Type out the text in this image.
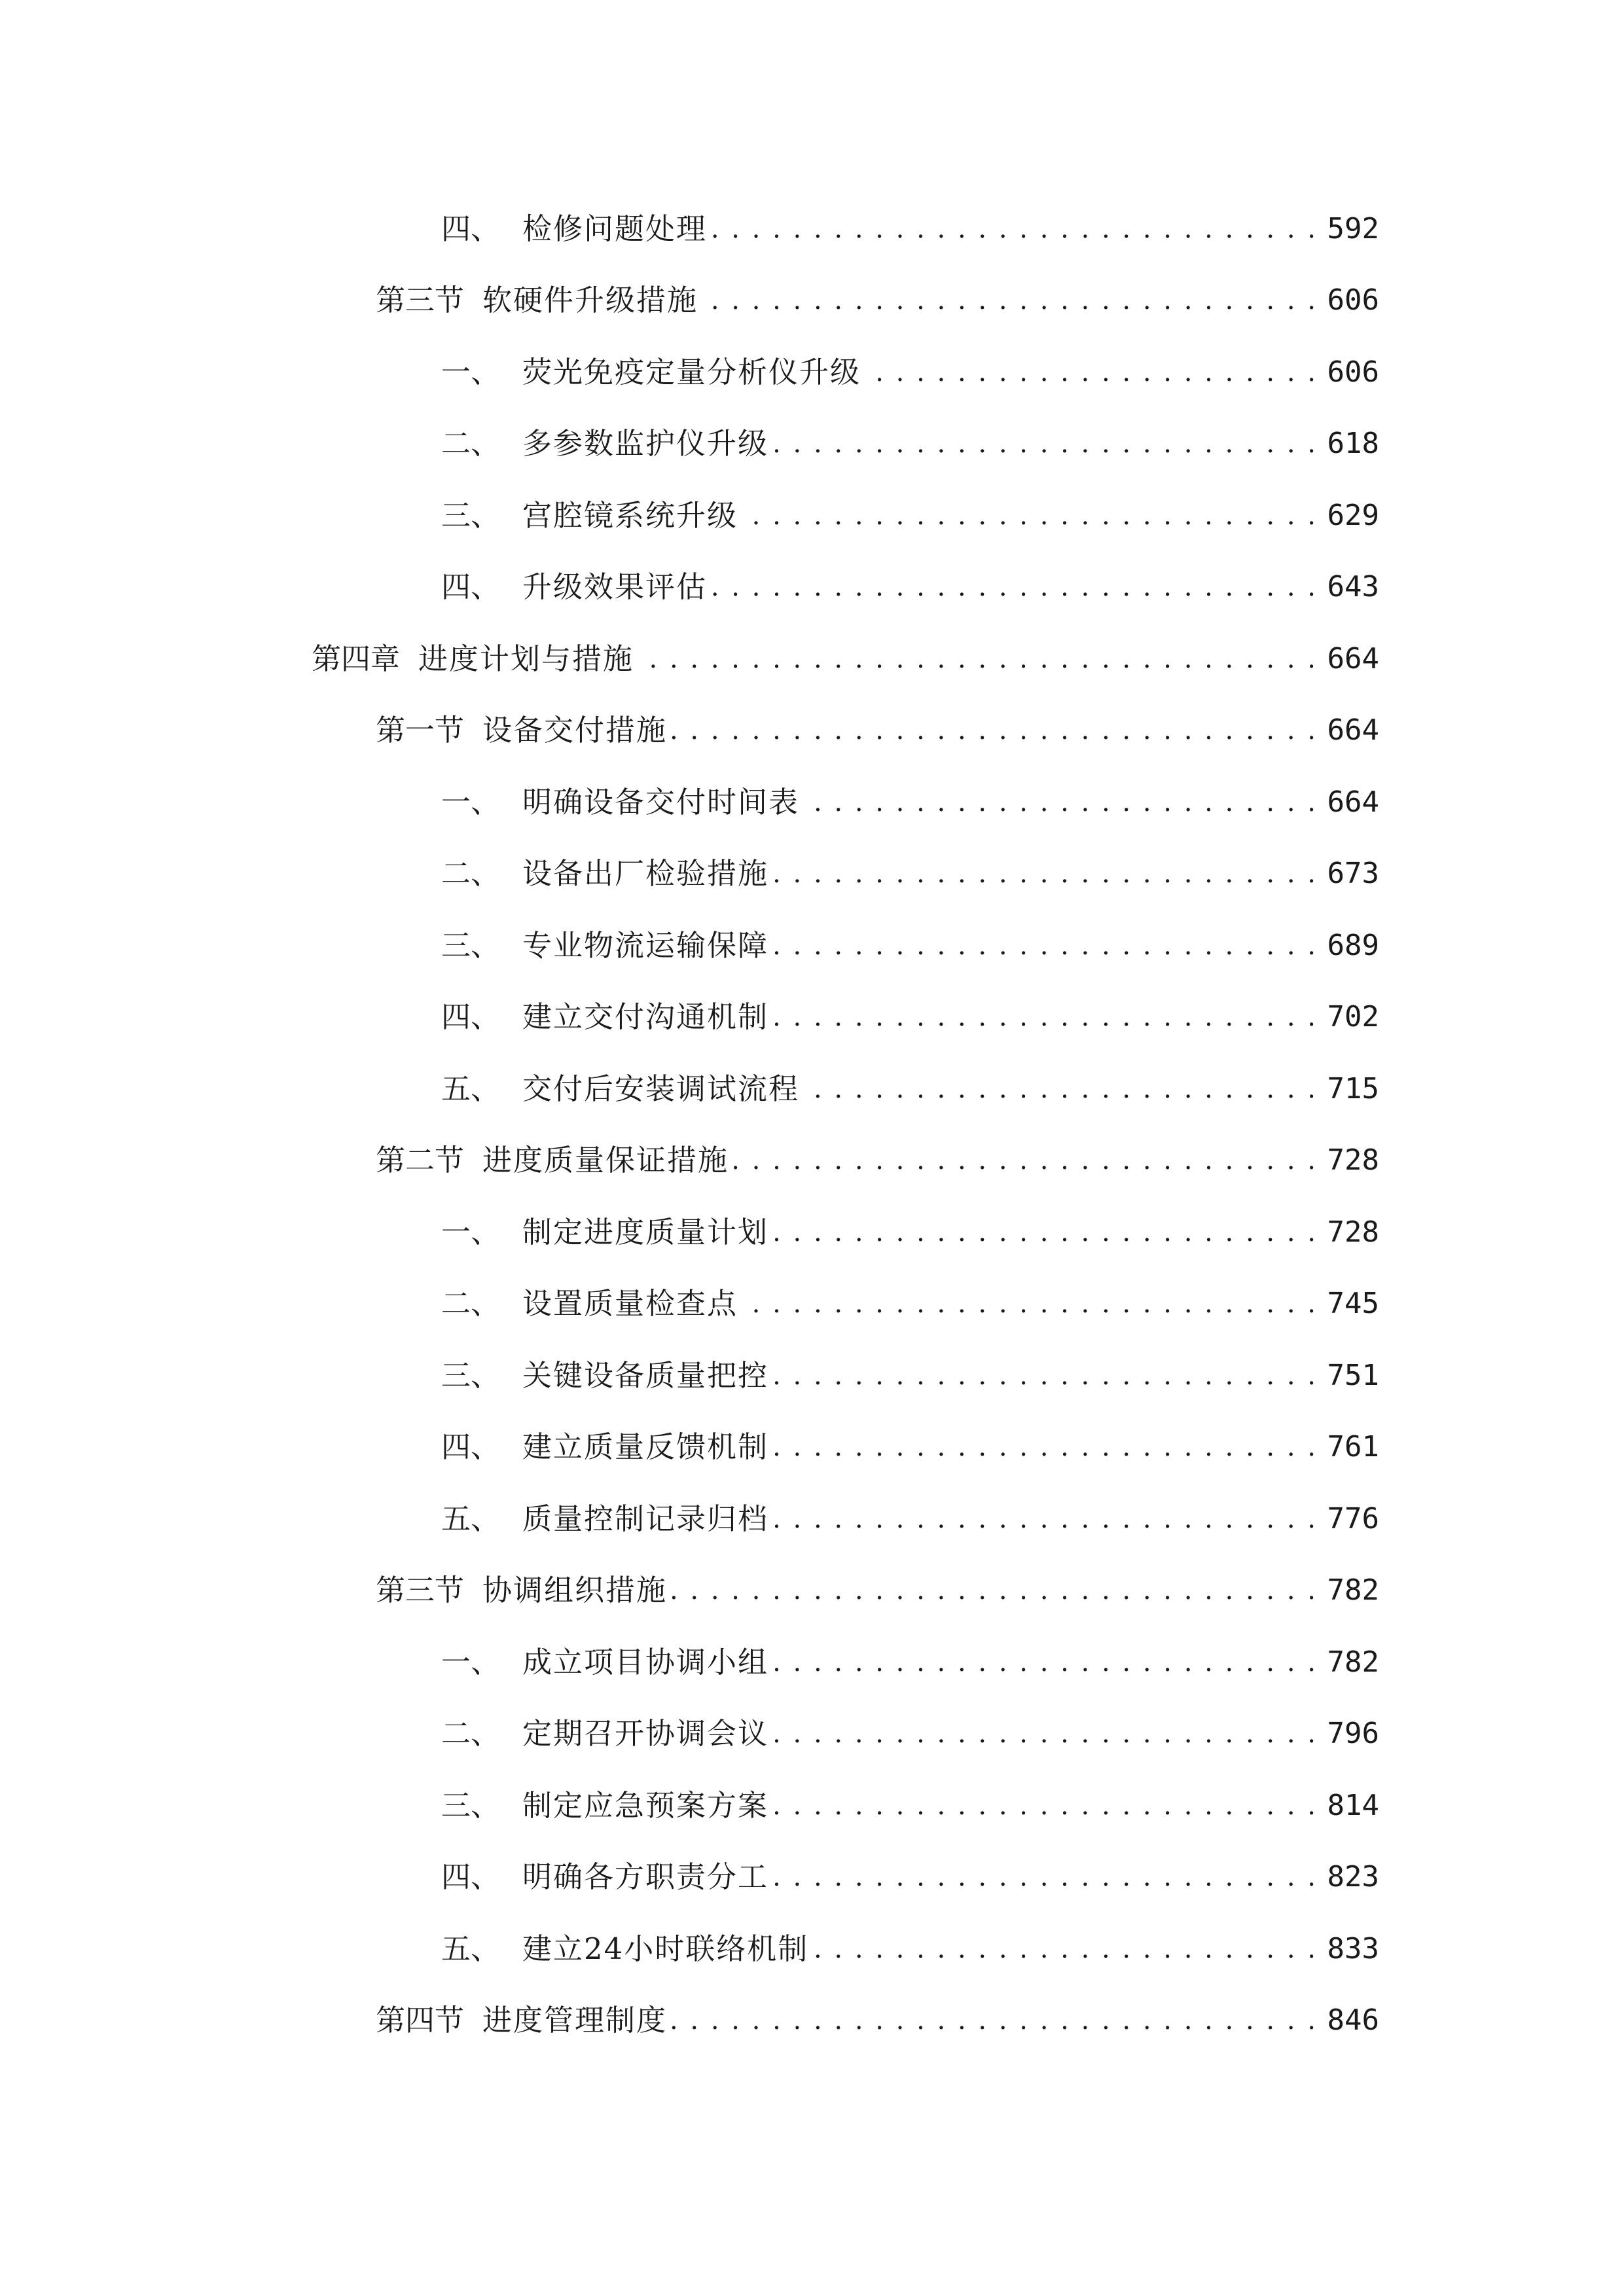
四、 检修问题处理 . . .	592
第三节 软硬件升级措施 . . .	606
一、 荧光免疫定量分析仪升级 . . .	606
二、 多参数监护仪升级 . . .	618
三、 宫腔镜系统升级 . . .	629
四、 升级效果评估 . . .	643
第四章 进度计划与措施 . . .	664
第一节 设备交付措施 . . .	664
一、 明确设备交付时间表 . . .	664
二、 设备出厂检验措施 . . .	673
三、 专业物流运输保障 . . .	689
四、 建立交付沟通机制 . . .	702
五、 交付后安装调试流程 . . .	715
第二节 进度质量保证措施 . . .	728
一、 制定进度质量计划 . . .	728
二、 设置质量检查点 . . .	745
三、 关键设备质量把控 . . .	751
四、 建立质量反馈机制 . . .	761
五、 质量控制记录归档 . . .	776
第三节 协调组织措施 . . .	782
一、 成立项目协调小组 . . .	782
二、 定期召开协调会议 . . .	796
三、 制定应急预案方案 . . .	814
四、 明确各方职责分工 . . .	823
五、 建立24小时联络机制 . . .	833
第四节 进度管理制度 . . .	846
